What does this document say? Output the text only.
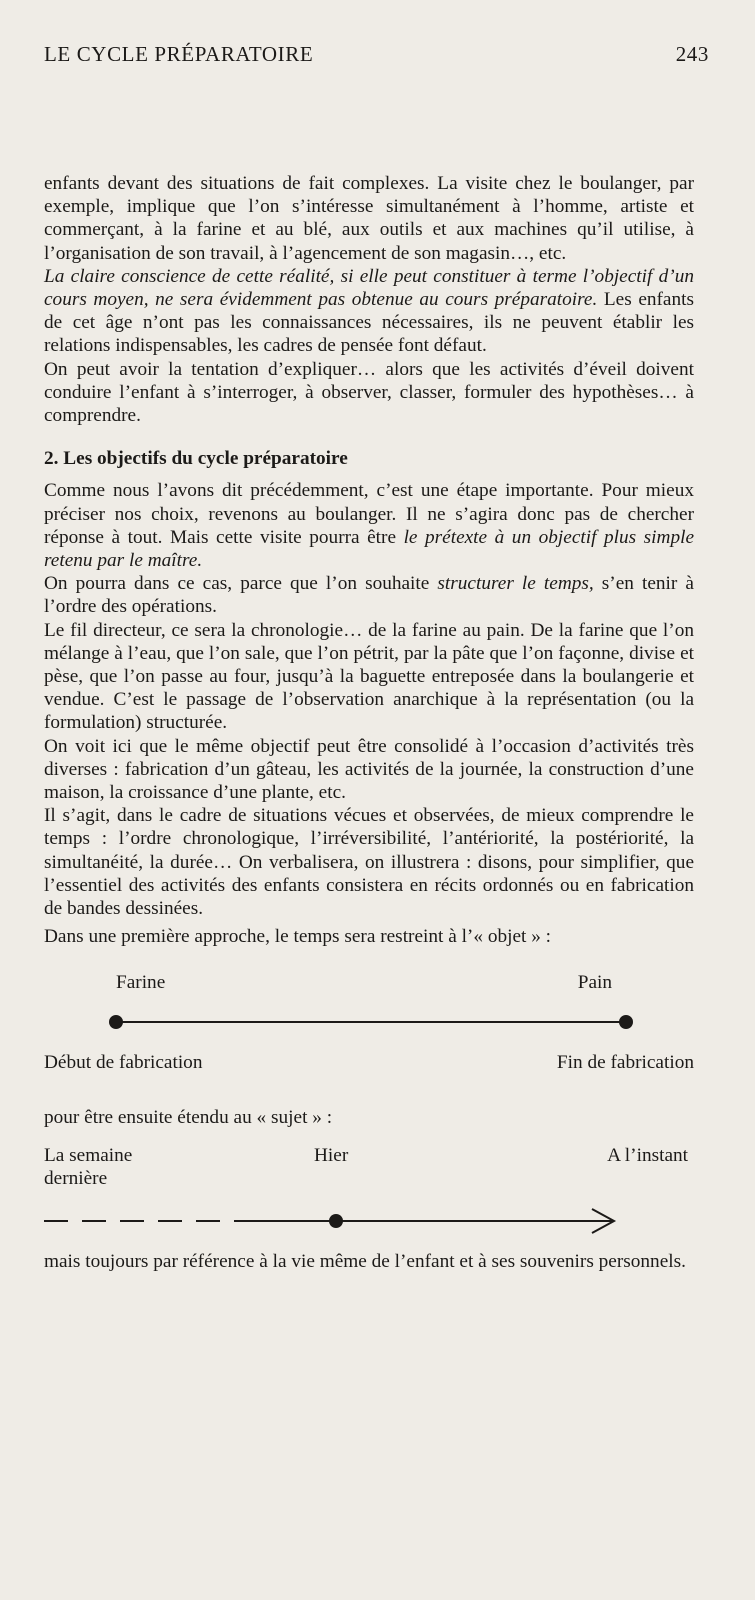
LE CYCLE PRÉPARATOIRE	243

enfants devant des situations de fait complexes. La visite chez le boulanger, par exemple, implique que l’on s’intéresse simultanément à l’homme, artiste et commerçant, à la farine et au blé, aux outils et aux machines qu’il utilise, à l’organisation de son travail, à l’agencement de son magasin…, etc.

La claire conscience de cette réalité, si elle peut constituer à terme l’objectif d’un cours moyen, ne sera évidemment pas obtenue au cours préparatoire. Les enfants de cet âge n’ont pas les connaissances nécessaires, ils ne peuvent établir les relations indispensables, les cadres de pensée font défaut.

On peut avoir la tentation d’expliquer… alors que les activités d’éveil doivent conduire l’enfant à s’interroger, à observer, classer, formuler des hypothèses… à comprendre.

2. Les objectifs du cycle préparatoire

Comme nous l’avons dit précédemment, c’est une étape importante. Pour mieux préciser nos choix, revenons au boulanger. Il ne s’agira donc pas de chercher réponse à tout. Mais cette visite pourra être le prétexte à un objectif plus simple retenu par le maître.

On pourra dans ce cas, parce que l’on souhaite structurer le temps, s’en tenir à l’ordre des opérations.

Le fil directeur, ce sera la chronologie… de la farine au pain. De la farine que l’on mélange à l’eau, que l’on sale, que l’on pétrit, par la pâte que l’on façonne, divise et pèse, que l’on passe au four, jusqu’à la baguette entreposée dans la boulangerie et vendue. C’est le passage de l’observation anarchique à la représentation (ou la formulation) structurée.

On voit ici que le même objectif peut être consolidé à l’occasion d’activités très diverses : fabrication d’un gâteau, les activités de la journée, la construction d’une maison, la croissance d’une plante, etc.

Il s’agit, dans le cadre de situations vécues et observées, de mieux comprendre le temps : l’ordre chronologique, l’irréversibilité, l’antériorité, la postériorité, la simultanéité, la durée… On verbalisera, on illustrera : disons, pour simplifier, que l’essentiel des activités des enfants consistera en récits ordonnés ou en fabrication de bandes dessinées.

Dans une première approche, le temps sera restreint à l’« objet » :

Farine	Pain
Début de fabrication	Fin de fabrication

pour être ensuite étendu au « sujet » :

La semaine
dernière
Hier	A l’instant

mais toujours par référence à la vie même de l’enfant et à ses souvenirs personnels.
